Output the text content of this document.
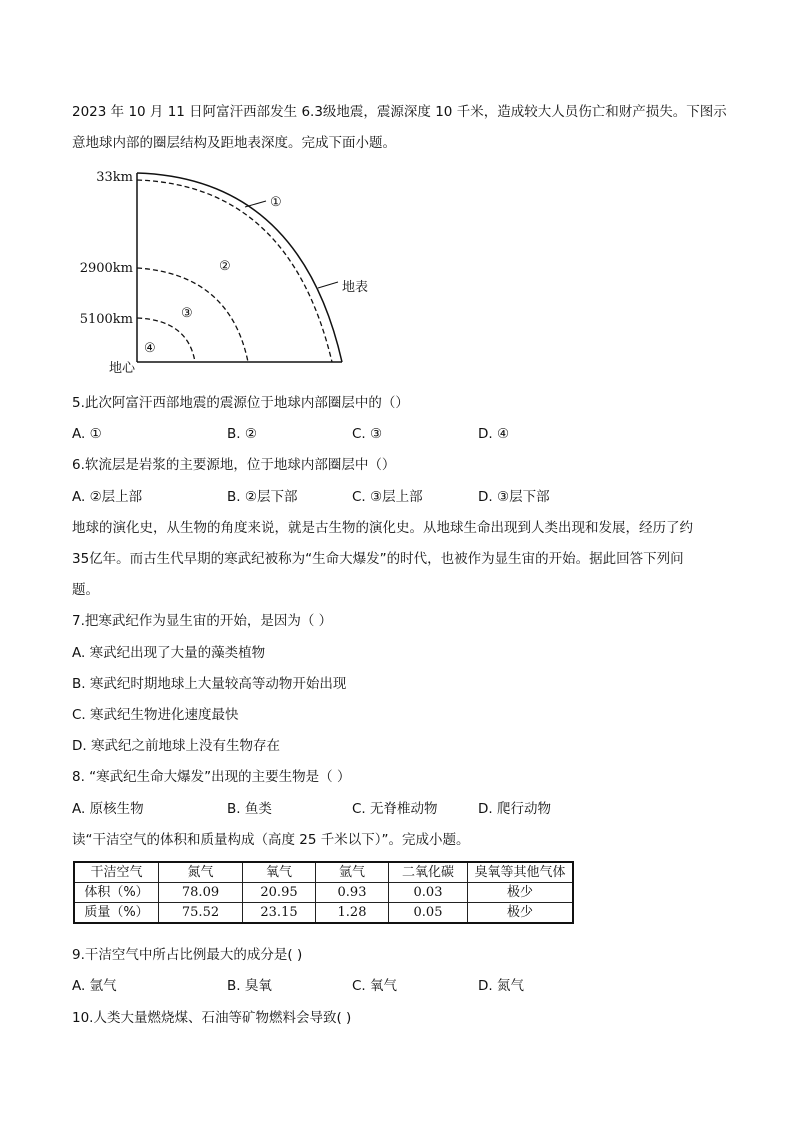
2023 年 10 月 11 日阿富汗西部发生 6.3级地震，震源深度 10 千米，造成较大人员伤亡和财产损失。下图示
意地球内部的圈层结构及距地表深度。完成下面小题。
33km
2900km
5100km
地心
地表
①
②
③
④
5.此次阿富汗西部地震的震源位于地球内部圈层中的（）
A. ①	B. ②	C. ③	D. ④
6.软流层是岩浆的主要源地，位于地球内部圈层中（）
A. ②层上部	B. ②层下部	C. ③层上部	D. ③层下部
地球的演化史，从生物的角度来说，就是古生物的演化史。从地球生命出现到人类出现和发展，经历了约
35亿年。而古生代早期的寒武纪被称为“生命大爆发”的时代，也被作为显生宙的开始。据此回答下列问
题。
7.把寒武纪作为显生宙的开始，是因为（ ）
A. 寒武纪出现了大量的藻类植物
B. 寒武纪时期地球上大量较高等动物开始出现
C. 寒武纪生物进化速度最快
D. 寒武纪之前地球上没有生物存在
8. “寒武纪生命大爆发”出现的主要生物是（ ）
A. 原核生物	B. 鱼类	C. 无脊椎动物	D. 爬行动物
读“干洁空气的体积和质量构成（高度 25 千米以下）”。完成小题。
干洁空气	氮气	氧气	氩气	二氧化碳	臭氧等其他气体
体积（%）	78.09	20.95	0.93	0.03	极少
质量（%）	75.52	23.15	1.28	0.05	极少
9.干洁空气中所占比例最大的成分是( )
A. 氩气	B. 臭氧	C. 氧气	D. 氮气
10.人类大量燃烧煤、石油等矿物燃料会导致( )
